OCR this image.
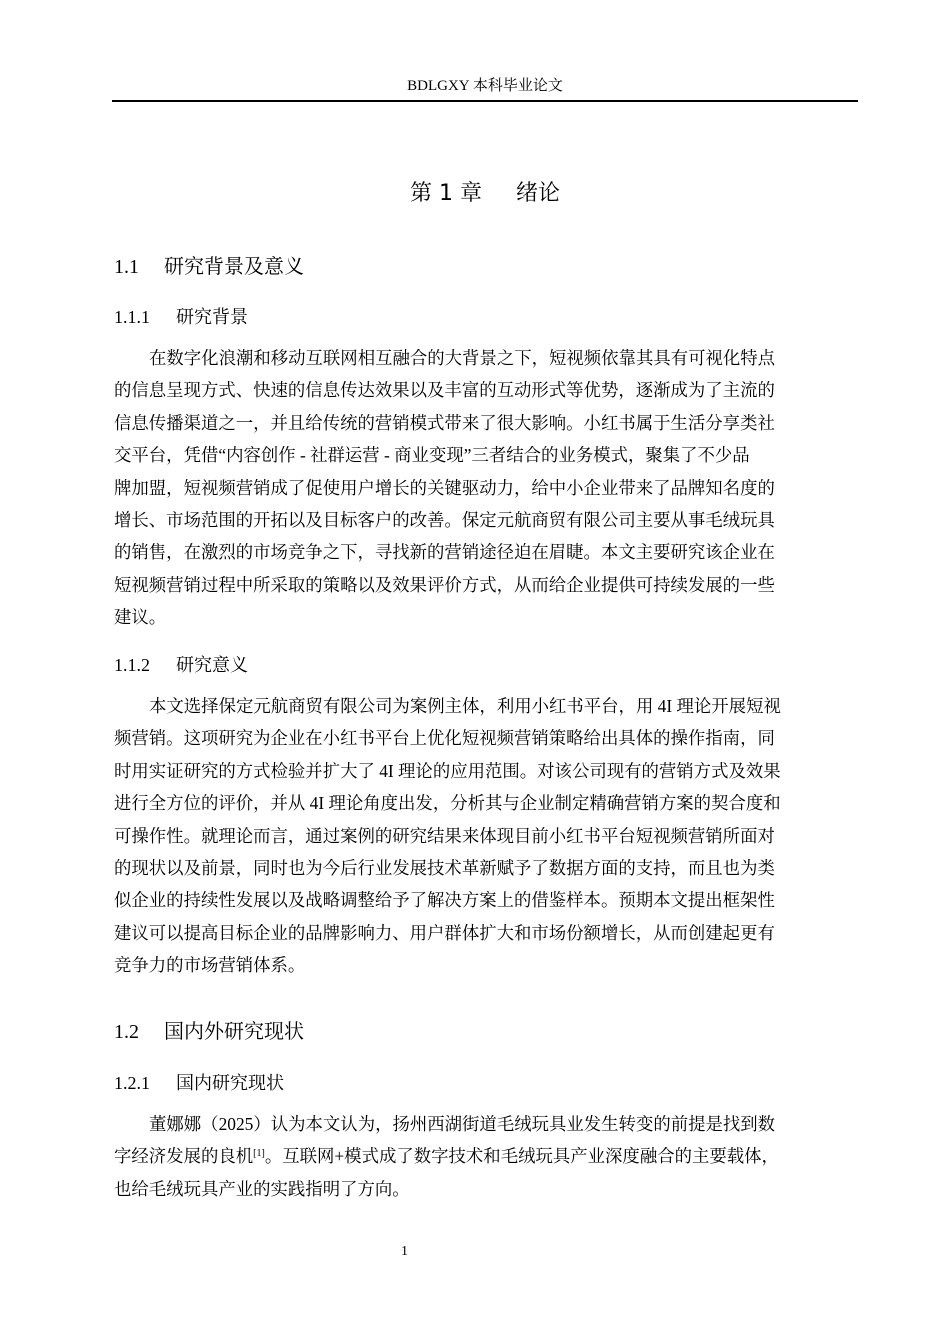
BDLGXY 本科毕业论文
第 1 章 绪论
1.1 研究背景及意义
1.1.1 研究背景
在数字化浪潮和移动互联网相互融合的大背景之下，短视频依靠其具有可视化特点
的信息呈现方式、快速的信息传达效果以及丰富的互动形式等优势，逐渐成为了主流的
信息传播渠道之一，并且给传统的营销模式带来了很大影响。小红书属于生活分享类社
交平台，凭借“内容创作 - 社群运营 - 商业变现”三者结合的业务模式，聚集了不少品
牌加盟，短视频营销成了促使用户增长的关键驱动力，给中小企业带来了品牌知名度的
增长、市场范围的开拓以及目标客户的改善。保定元航商贸有限公司主要从事毛绒玩具
的销售，在激烈的市场竞争之下，寻找新的营销途径迫在眉睫。本文主要研究该企业在
短视频营销过程中所采取的策略以及效果评价方式，从而给企业提供可持续发展的一些
建议。
1.1.2 研究意义
本文选择保定元航商贸有限公司为案例主体，利用小红书平台，用 4I 理论开展短视
频营销。这项研究为企业在小红书平台上优化短视频营销策略给出具体的操作指南，同
时用实证研究的方式检验并扩大了 4I 理论的应用范围。对该公司现有的营销方式及效果
进行全方位的评价，并从 4I 理论角度出发，分析其与企业制定精确营销方案的契合度和
可操作性。就理论而言，通过案例的研究结果来体现目前小红书平台短视频营销所面对
的现状以及前景，同时也为今后行业发展技术革新赋予了数据方面的支持，而且也为类
似企业的持续性发展以及战略调整给予了解决方案上的借鉴样本。预期本文提出框架性
建议可以提高目标企业的品牌影响力、用户群体扩大和市场份额增长，从而创建起更有
竞争力的市场营销体系。
1.2 国内外研究现状
1.2.1 国内研究现状
董娜娜（2025）认为本文认为，扬州西湖街道毛绒玩具业发生转变的前提是找到数
字经济发展的良机[1]。互联网+模式成了数字技术和毛绒玩具产业深度融合的主要载体，
也给毛绒玩具产业的实践指明了方向。
1
